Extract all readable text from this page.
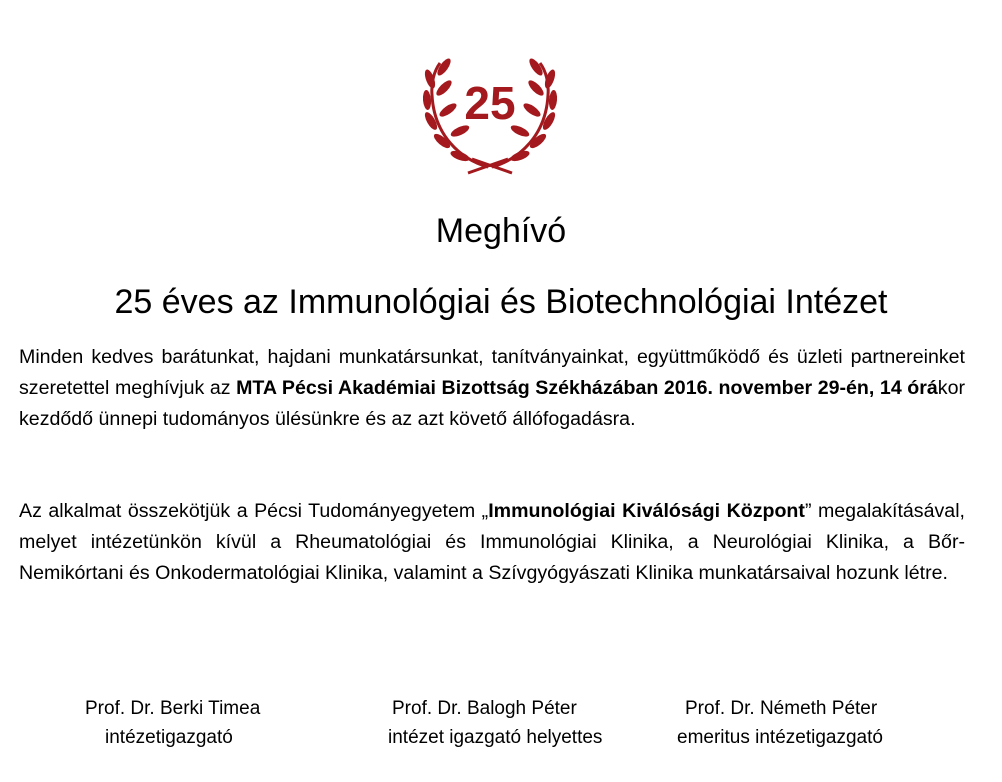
25
Meghívó
25 éves az Immunológiai és Biotechnológiai Intézet

Minden kedves barátunkat, hajdani munkatársunkat, tanítványainkat, együttműködő és üzleti partnereinket szeretettel meghívjuk az MTA Pécsi Akadémiai Bizottság Székházában 2016. november 29-én, 14 órákor kezdődő ünnepi tudományos ülésünkre és az azt követő állófogadásra.

Az alkalmat összekötjük a Pécsi Tudományegyetem „Immunológiai Kiválósági Központ” megalakításával, melyet intézetünkön kívül a Rheumatológiai és Immunológiai Klinika, a Neurológiai Klinika, a Bőr- Nemikórtani és Onkodermatológiai Klinika, valamint a Szívgyógyászati Klinika munkatársaival hozunk létre.

Prof. Dr. Berki Timea
intézetigazgató
Prof. Dr. Balogh Péter
intézet igazgató helyettes
Prof. Dr. Németh Péter
emeritus intézetigazgató
